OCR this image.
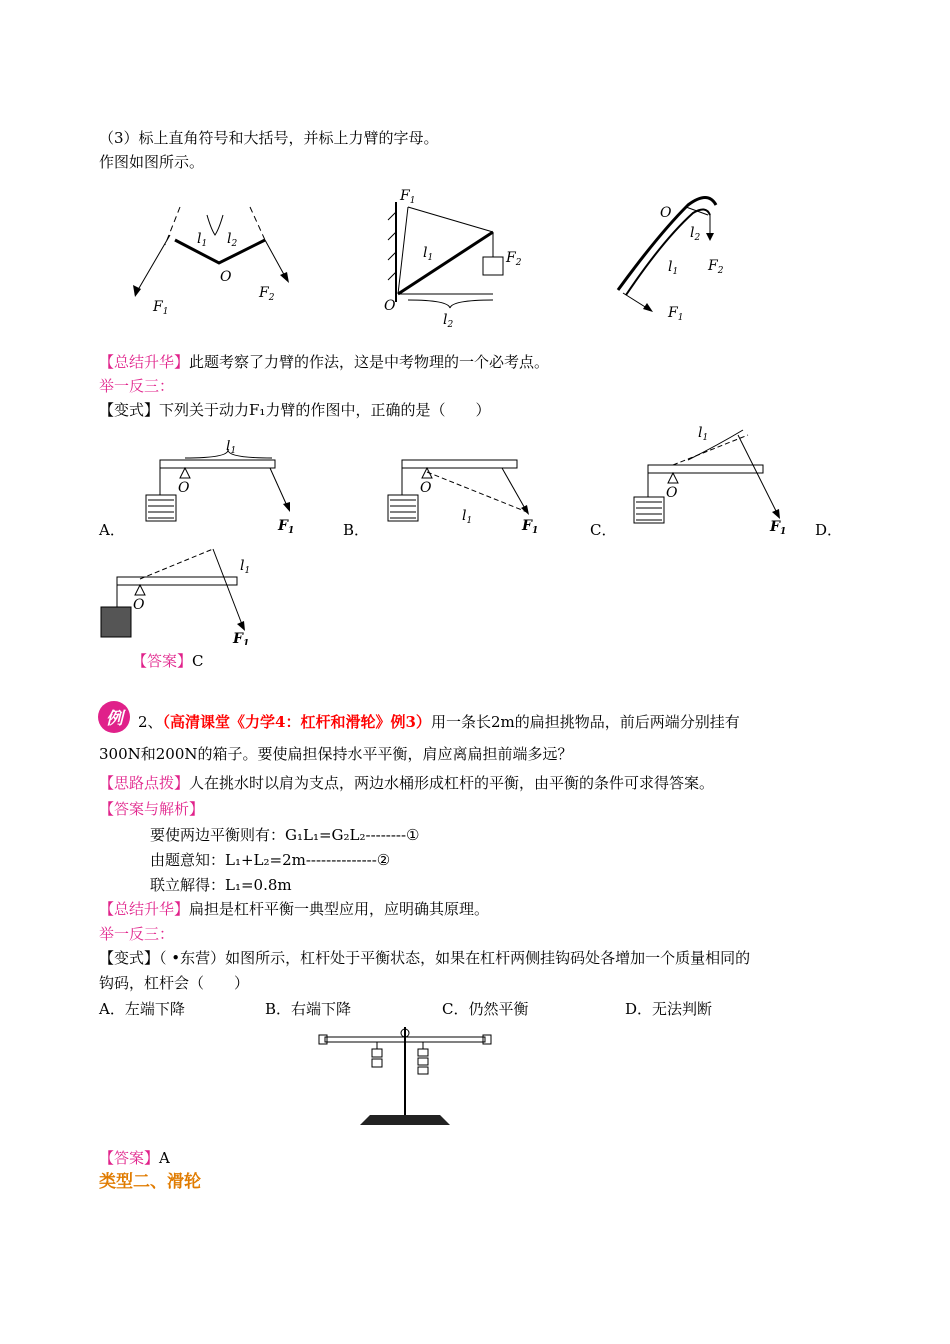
（3）标上直角符号和大括号，并标上力臂的字母。
作图如图所示。
O
$l_1$ $l_2$
$F_1$
$F_2$
$F_1$
$F_2$
$l_1$
$l_2$
O
O
$l_2$
$l_1$ $F_2$
$F_1$
【总结升华】此题考察了力臂的作法，这是中考物理的一个必考点。
举一反三：
【变式】下列关于动力F₁力臂的作图中，正确的是（　　）
A．
O
$l_1$
$F_1$	B．
O
$l_1$	$F_1$	C．
O
$l_1$
$F_1$ D．
O
$l_1$
$F_1$
【答案】C
例 2、（高清课堂《力学4：杠杆和滑轮》例3）用一条长2m的扁担挑物品，前后两端分别挂有
300N和200N的箱子。要使扁担保持水平平衡，肩应离扁担前端多远？
【思路点拨】人在挑水时以肩为支点，两边水桶形成杠杆的平衡，由平衡的条件可求得答案。
【答案与解析】
要使两边平衡则有：G₁L₁=G₂L₂--------①
由题意知：L₁+L₂=2m--------------②
联立解得：L₁=0.8m
【总结升华】扁担是杠杆平衡一典型应用，应明确其原理。
举一反三：
【变式】（ •东营）如图所示，杠杆处于平衡状态，如果在杠杆两侧挂钩码处各增加一个质量相同的
钩码，杠杆会（　　）
A．左端下降	B．右端下降	C．仍然平衡	D．无法判断
【答案】A
类型二、滑轮
